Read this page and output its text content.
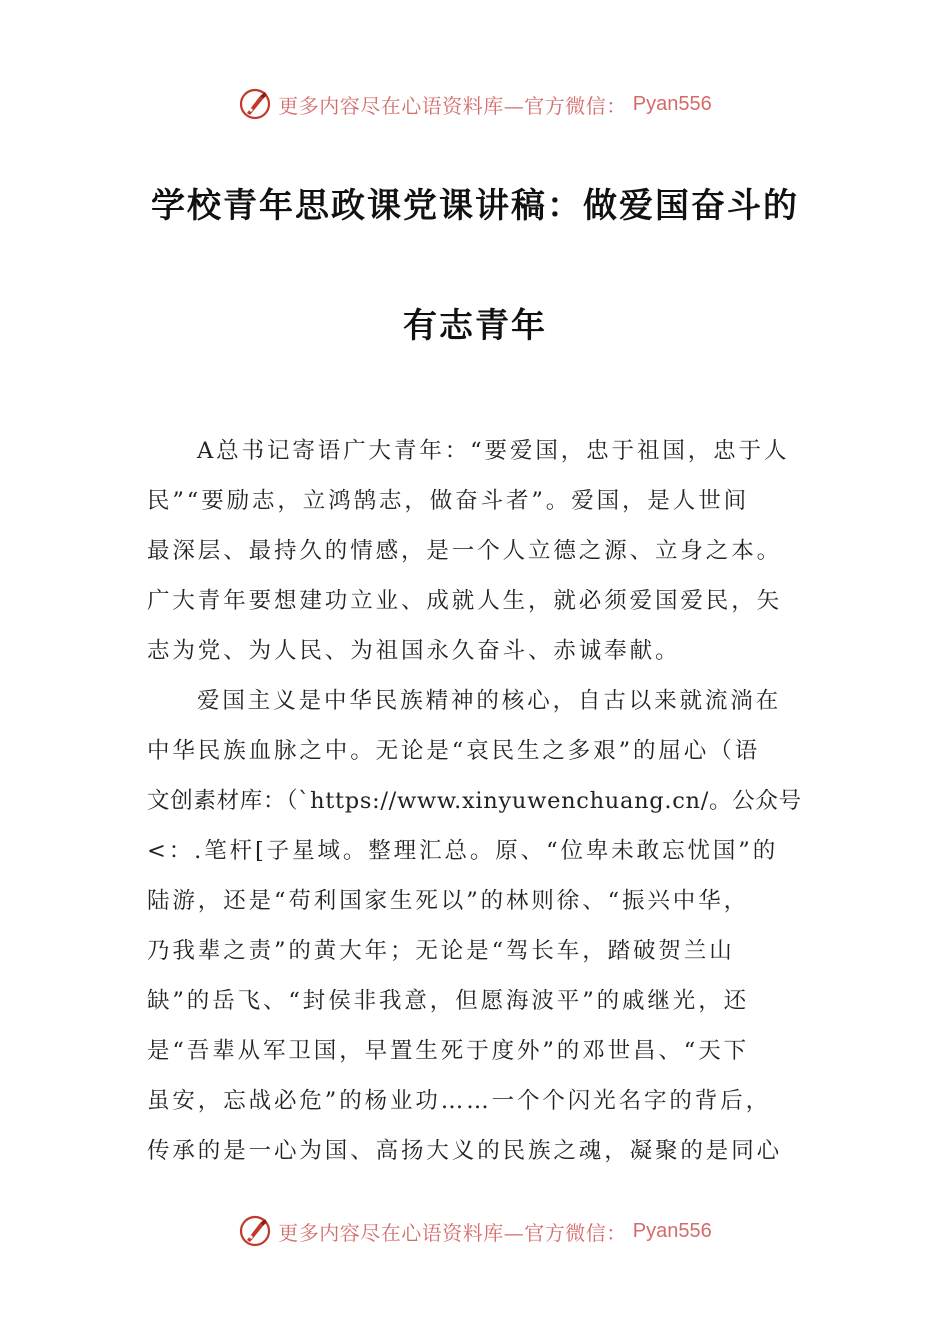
更多内容尽在心语资料库—官方微信： Pyan556
学校青年思政课党课讲稿：做爱国奋斗的
有志青年
A总书记寄语广大青年：“要爱国，忠于祖国，忠于人
民”“要励志，立鸿鹄志，做奋斗者”。爱国，是人世间
最深层、最持久的情感，是一个人立德之源、立身之本。
广大青年要想建功立业、成就人生，就必须爱国爱民，矢
志为党、为人民、为祖国永久奋斗、赤诚奉献。
爱国主义是中华民族精神的核心，自古以来就流淌在
中华民族血脉之中。无论是“哀民生之多艰”的屈心（语
文创素材库：（`https://www.xinyuwenchuang.cn/。公众号
<：.笔杆[子星域。整理汇总。原、“位卑未敢忘忧国”的
陆游，还是“苟利国家生死以”的林则徐、“振兴中华，
乃我辈之责”的黄大年；无论是“驾长车，踏破贺兰山
缺”的岳飞、“封侯非我意，但愿海波平”的戚继光，还
是“吾辈从军卫国，早置生死于度外”的邓世昌、“天下
虽安，忘战必危”的杨业功……一个个闪光名字的背后，
传承的是一心为国、高扬大义的民族之魂，凝聚的是同心
更多内容尽在心语资料库—官方微信： Pyan556
